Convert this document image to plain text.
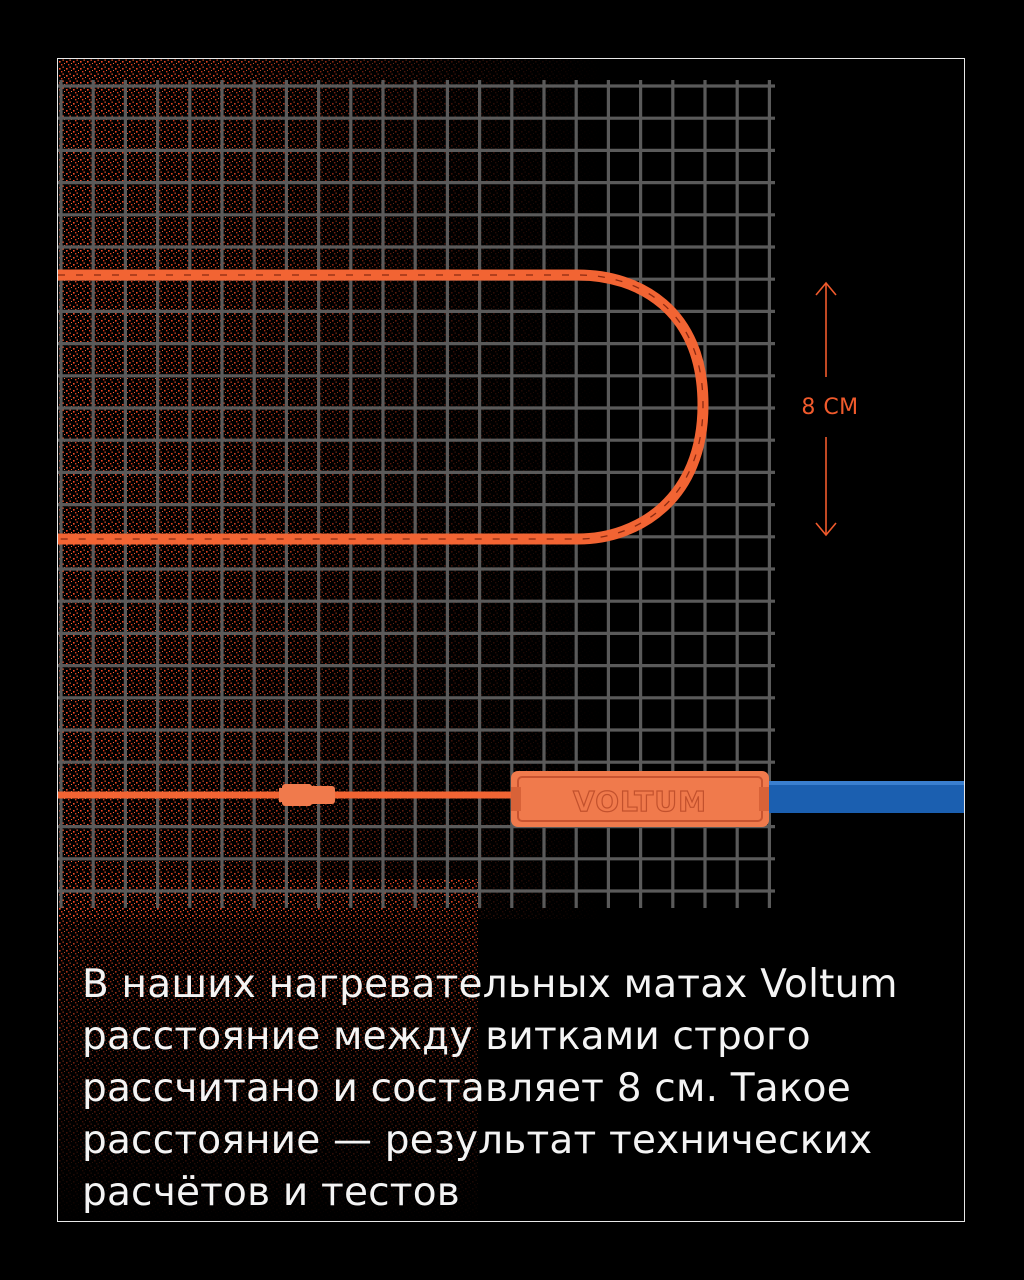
VOLTUM
8 СМ
В наших нагревательных матах Voltum расстояние между витками строго рассчитано и составляет 8 см. Такое расстояние — результат технических расчётов и тестов
